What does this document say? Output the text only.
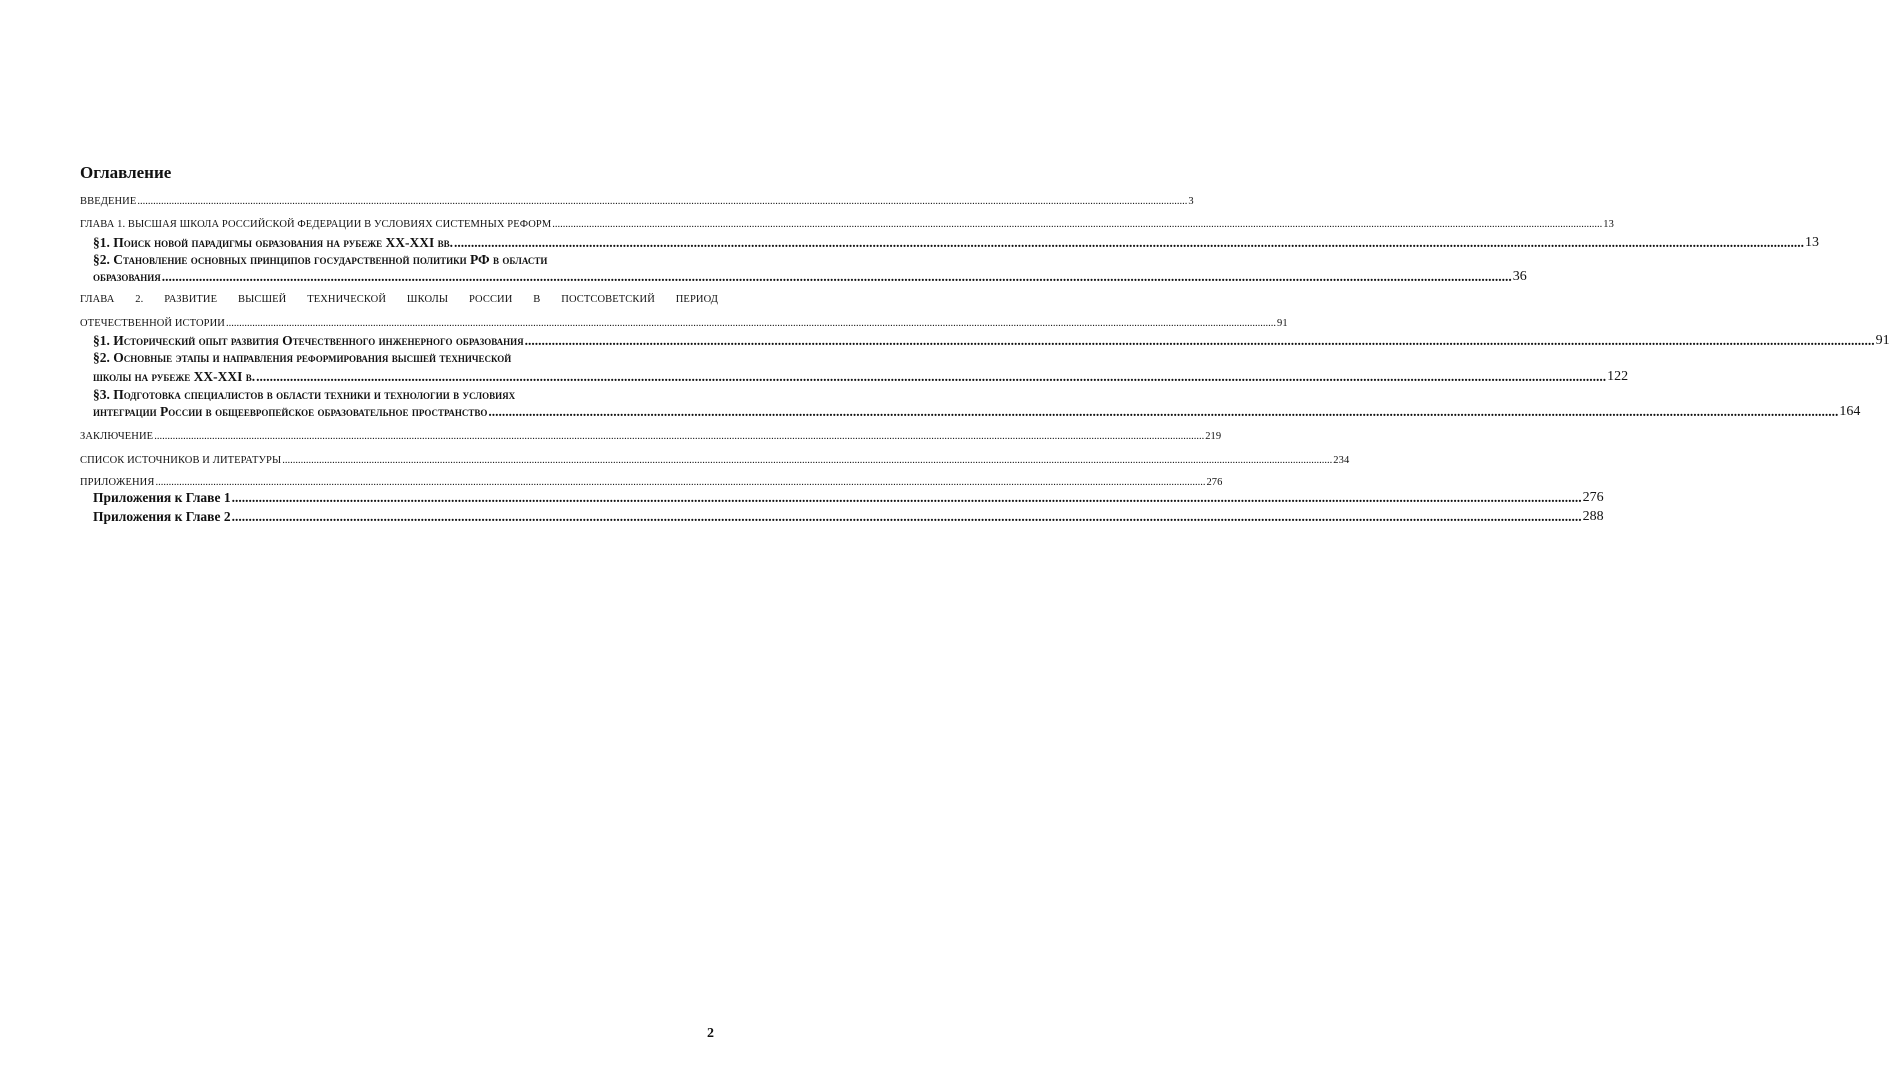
Оглавление
ВВЕДЕНИЕ ................................................................................................................................................................................................................................................................................................................................................................................................................ 3
ГЛАВА 1. ВЫСШАЯ ШКОЛА РОССИЙСКОЙ ФЕДЕРАЦИИ В УСЛОВИЯХ СИСТЕМНЫХ РЕФОРМ ................................................................................................................................................................................................................................................................................................................................................................................................................ 13
§1. Поиск новой парадигмы образования на рубеже XX-XXI вв. ................................................................................................................................................................................................................................................................................................................................................................................................................ 13
§2. Становление основных принципов государственной политики РФ в области
образования ................................................................................................................................................................................................................................................................................................................................................................................................................ 36
ГЛАВА 2. РАЗВИТИЕ ВЫСШЕЙ ТЕХНИЧЕСКОЙ ШКОЛЫ РОССИИ В ПОСТСОВЕТСКИЙ ПЕРИОД
ОТЕЧЕСТВЕННОЙ ИСТОРИИ ................................................................................................................................................................................................................................................................................................................................................................................................................ 91
§1. Исторический опыт развития Отечественного инженерного образования ................................................................................................................................................................................................................................................................................................................................................................................................................ 91
§2. Основные этапы и направления реформирования высшей технической
школы на рубеже XX-XXI в. ................................................................................................................................................................................................................................................................................................................................................................................................................ 122
§3. Подготовка специалистов в области техники и технологии в условиях
интеграции России в общеевропейское образовательное пространство ................................................................................................................................................................................................................................................................................................................................................................................................................ 164
ЗАКЛЮЧЕНИЕ ................................................................................................................................................................................................................................................................................................................................................................................................................ 219
СПИСОК ИСТОЧНИКОВ И ЛИТЕРАТУРЫ ................................................................................................................................................................................................................................................................................................................................................................................................................ 234
ПРИЛОЖЕНИЯ ................................................................................................................................................................................................................................................................................................................................................................................................................ 276
Приложения к Главе 1 ................................................................................................................................................................................................................................................................................................................................................................................................................ 276
Приложения к Главе 2 ................................................................................................................................................................................................................................................................................................................................................................................................................ 288
2
